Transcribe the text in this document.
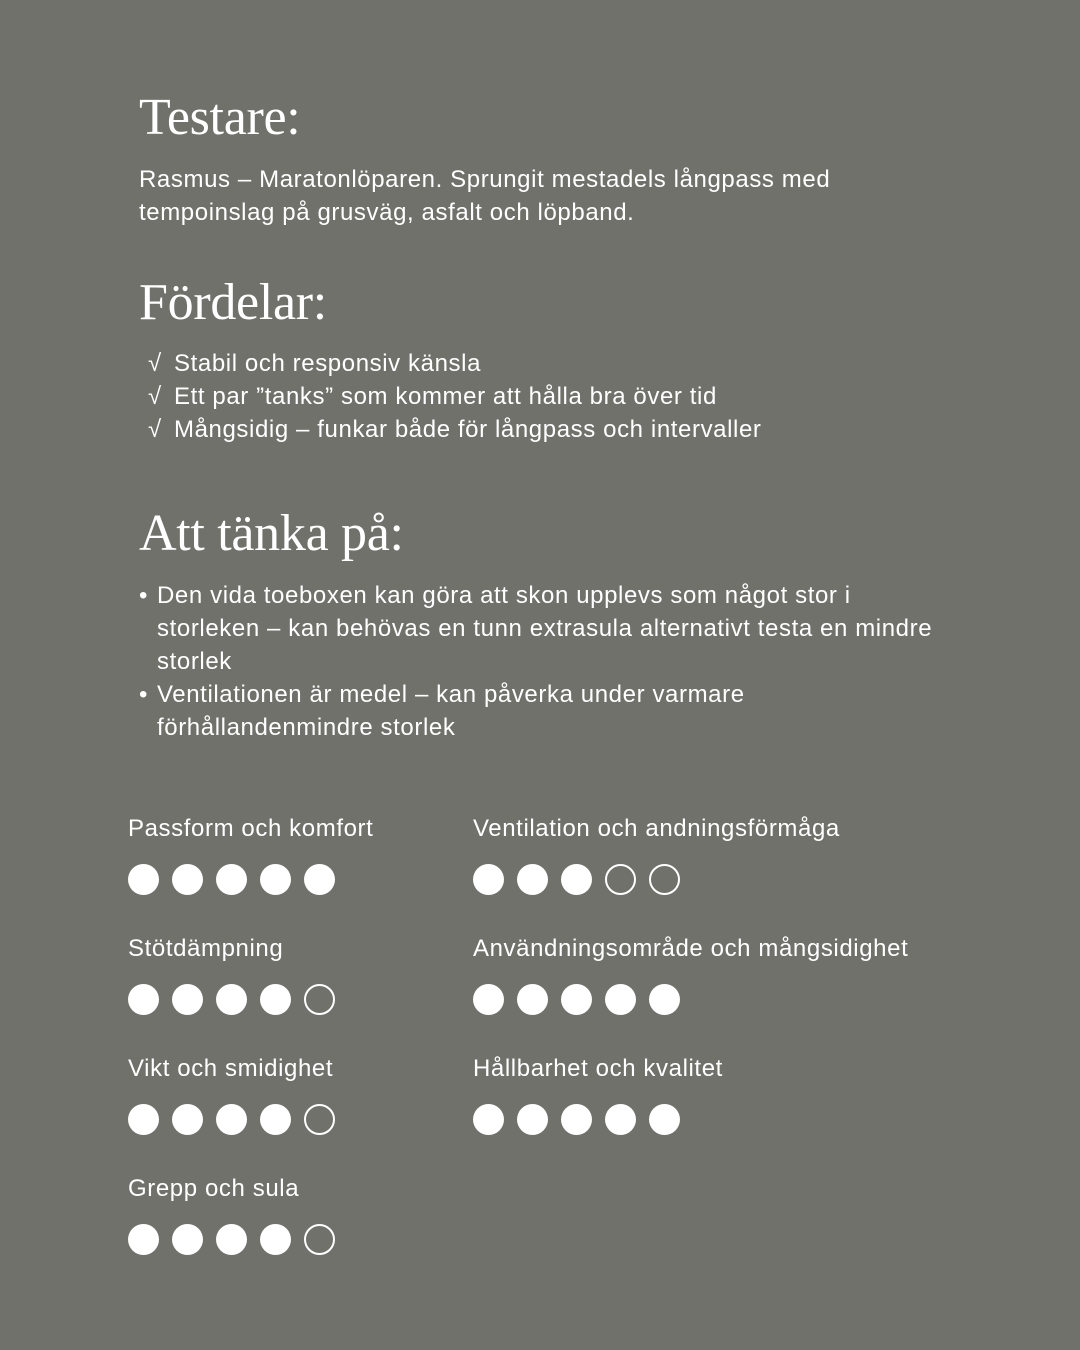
Testare:

Rasmus – Maratonlöparen. Sprungit mestadels långpass med tempoinslag på grusväg, asfalt och löpband.

Fördelar:
√ Stabil och responsiv känsla
√ Ett par ”tanks” som kommer att hålla bra över tid
√ Mångsidig – funkar både för långpass och intervaller
Att tänka på:
• Den vida toeboxen kan göra att skon upplevs som något stor i storleken – kan behövas en tunn extrasula alternativt testa en mindre storlek
• Ventilationen är medel – kan påverka under varmare förhållandenmindre storlek
Passform och komfort
Stötdämpning
Vikt och smidighet
Grepp och sula
Ventilation och andningsförmåga
Användningsområde och mångsidighet
Hållbarhet och kvalitet
